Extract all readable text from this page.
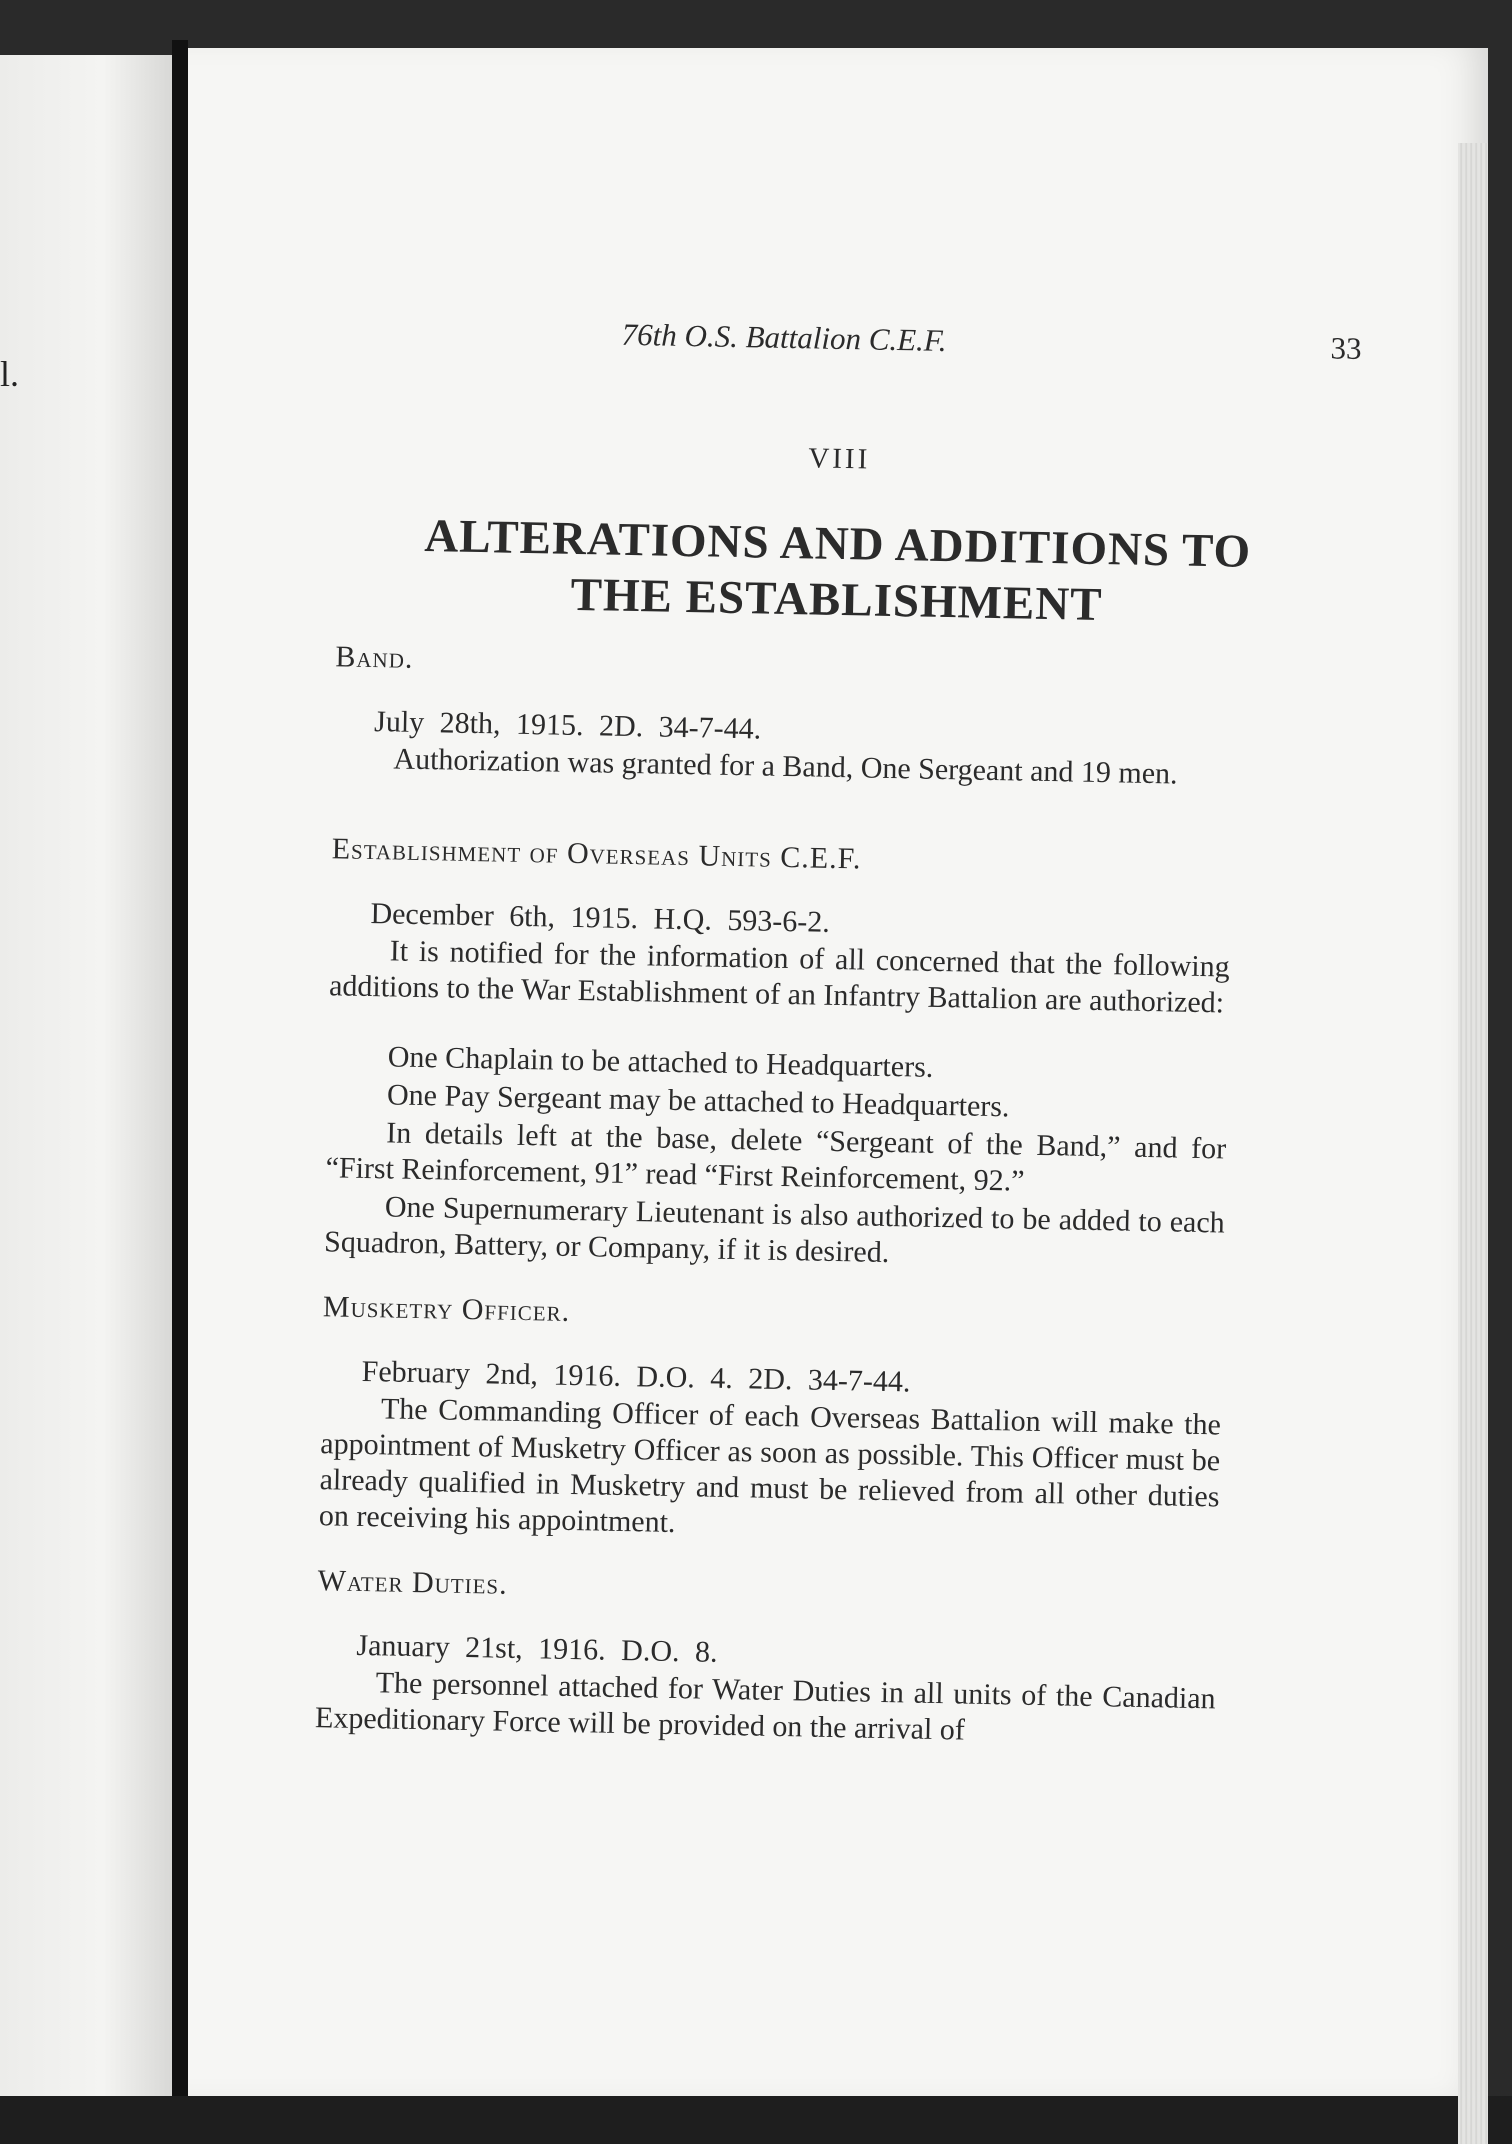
l.
76th O.S. Battalion C.E.F.	33
VIII
ALTERATIONS AND ADDITIONS TO THE ESTABLISHMENT
Band.
July 28th, 1915. 2D. 34-7-44.

Authorization was granted for a Band, One Sergeant and 19 men.

Establishment of Overseas Units C.E.F.
December 6th, 1915. H.Q. 593-6-2.

It is notified for the information of all concerned that the following additions to the War Establishment of an Infantry Battalion are authorized:

One Chaplain to be attached to Headquarters.

One Pay Sergeant may be attached to Headquarters.

In details left at the base, delete “Sergeant of the Band,” and for “First Reinforcement, 91” read “First Reinforcement, 92.”

One Supernumerary Lieutenant is also authorized to be added to each Squadron, Battery, or Company, if it is desired.

Musketry Officer.
February 2nd, 1916. D.O. 4. 2D. 34-7-44.

The Commanding Officer of each Overseas Battalion will make the appointment of Musketry Officer as soon as possible. This Officer must be already qualified in Musketry and must be relieved from all other duties on receiving his appointment.

Water Duties.
January 21st, 1916. D.O. 8.

The personnel attached for Water Duties in all units of the Canadian Expeditionary Force will be provided on the arrival of
